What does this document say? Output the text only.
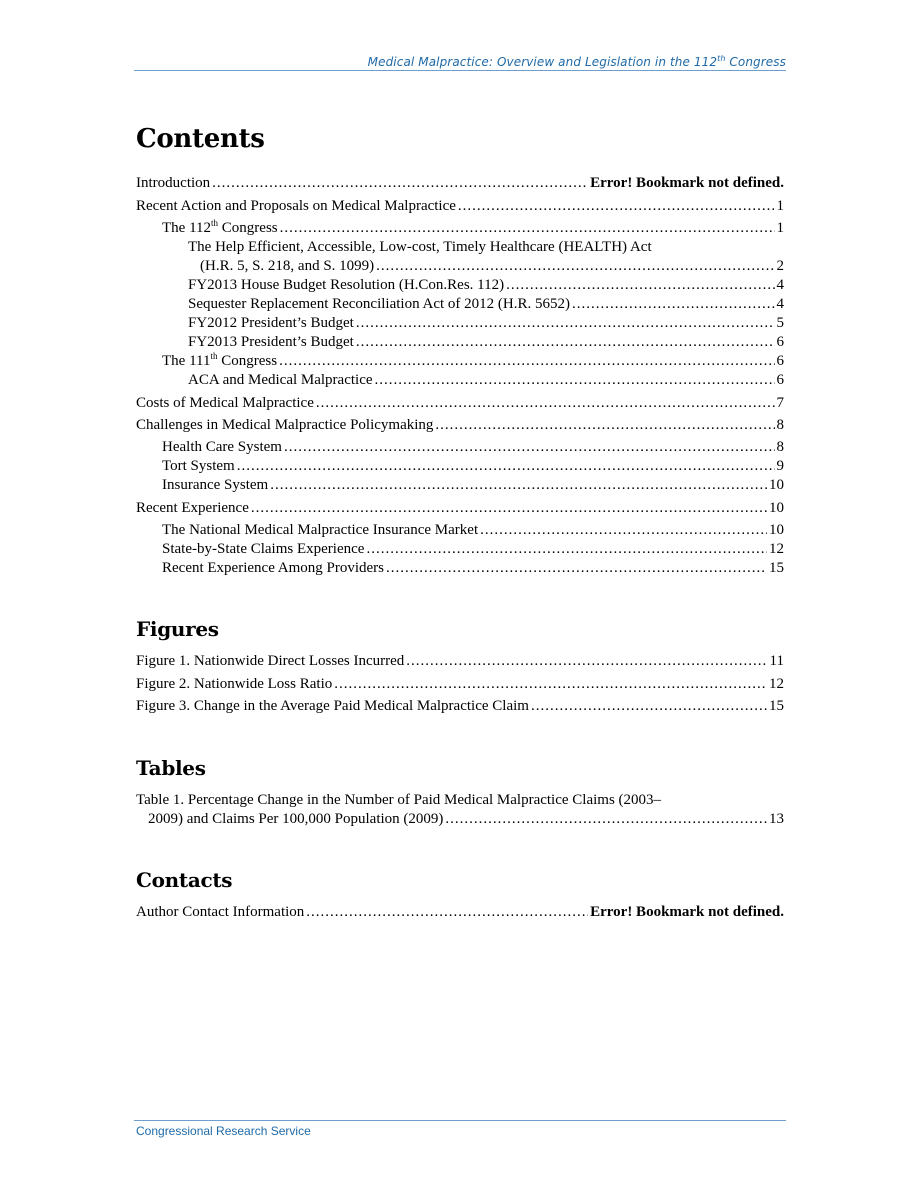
Medical Malpractice: Overview and Legislation in the 112th Congress
Contents
Introduction .....	Error! Bookmark not defined.
Recent Action and Proposals on Medical Malpractice .....	1
The 112th Congress .....	1
The Help Efficient, Accessible, Low-cost, Timely Healthcare (HEALTH) Act
(H.R. 5, S. 218, and S. 1099) .....	2
FY2013 House Budget Resolution (H.Con.Res. 112) .....	4
Sequester Replacement Reconciliation Act of 2012 (H.R. 5652) .....	4
FY2012 President’s Budget .....	5
FY2013 President’s Budget .....	6
The 111th Congress .....	6
ACA and Medical Malpractice .....	6
Costs of Medical Malpractice .....	7
Challenges in Medical Malpractice Policymaking .....	8
Health Care System .....	8
Tort System .....	9
Insurance System .....	10
Recent Experience .....	10
The National Medical Malpractice Insurance Market .....	10
State-by-State Claims Experience .....	12
Recent Experience Among Providers .....	15
Figures
Figure 1. Nationwide Direct Losses Incurred .....	11
Figure 2. Nationwide Loss Ratio .....	12
Figure 3. Change in the Average Paid Medical Malpractice Claim .....	15
Tables
Table 1. Percentage Change in the Number of Paid Medical Malpractice Claims (2003–
2009) and Claims Per 100,000 Population (2009) .....	13
Contacts
Author Contact Information .....	Error! Bookmark not defined.
Congressional Research Service
